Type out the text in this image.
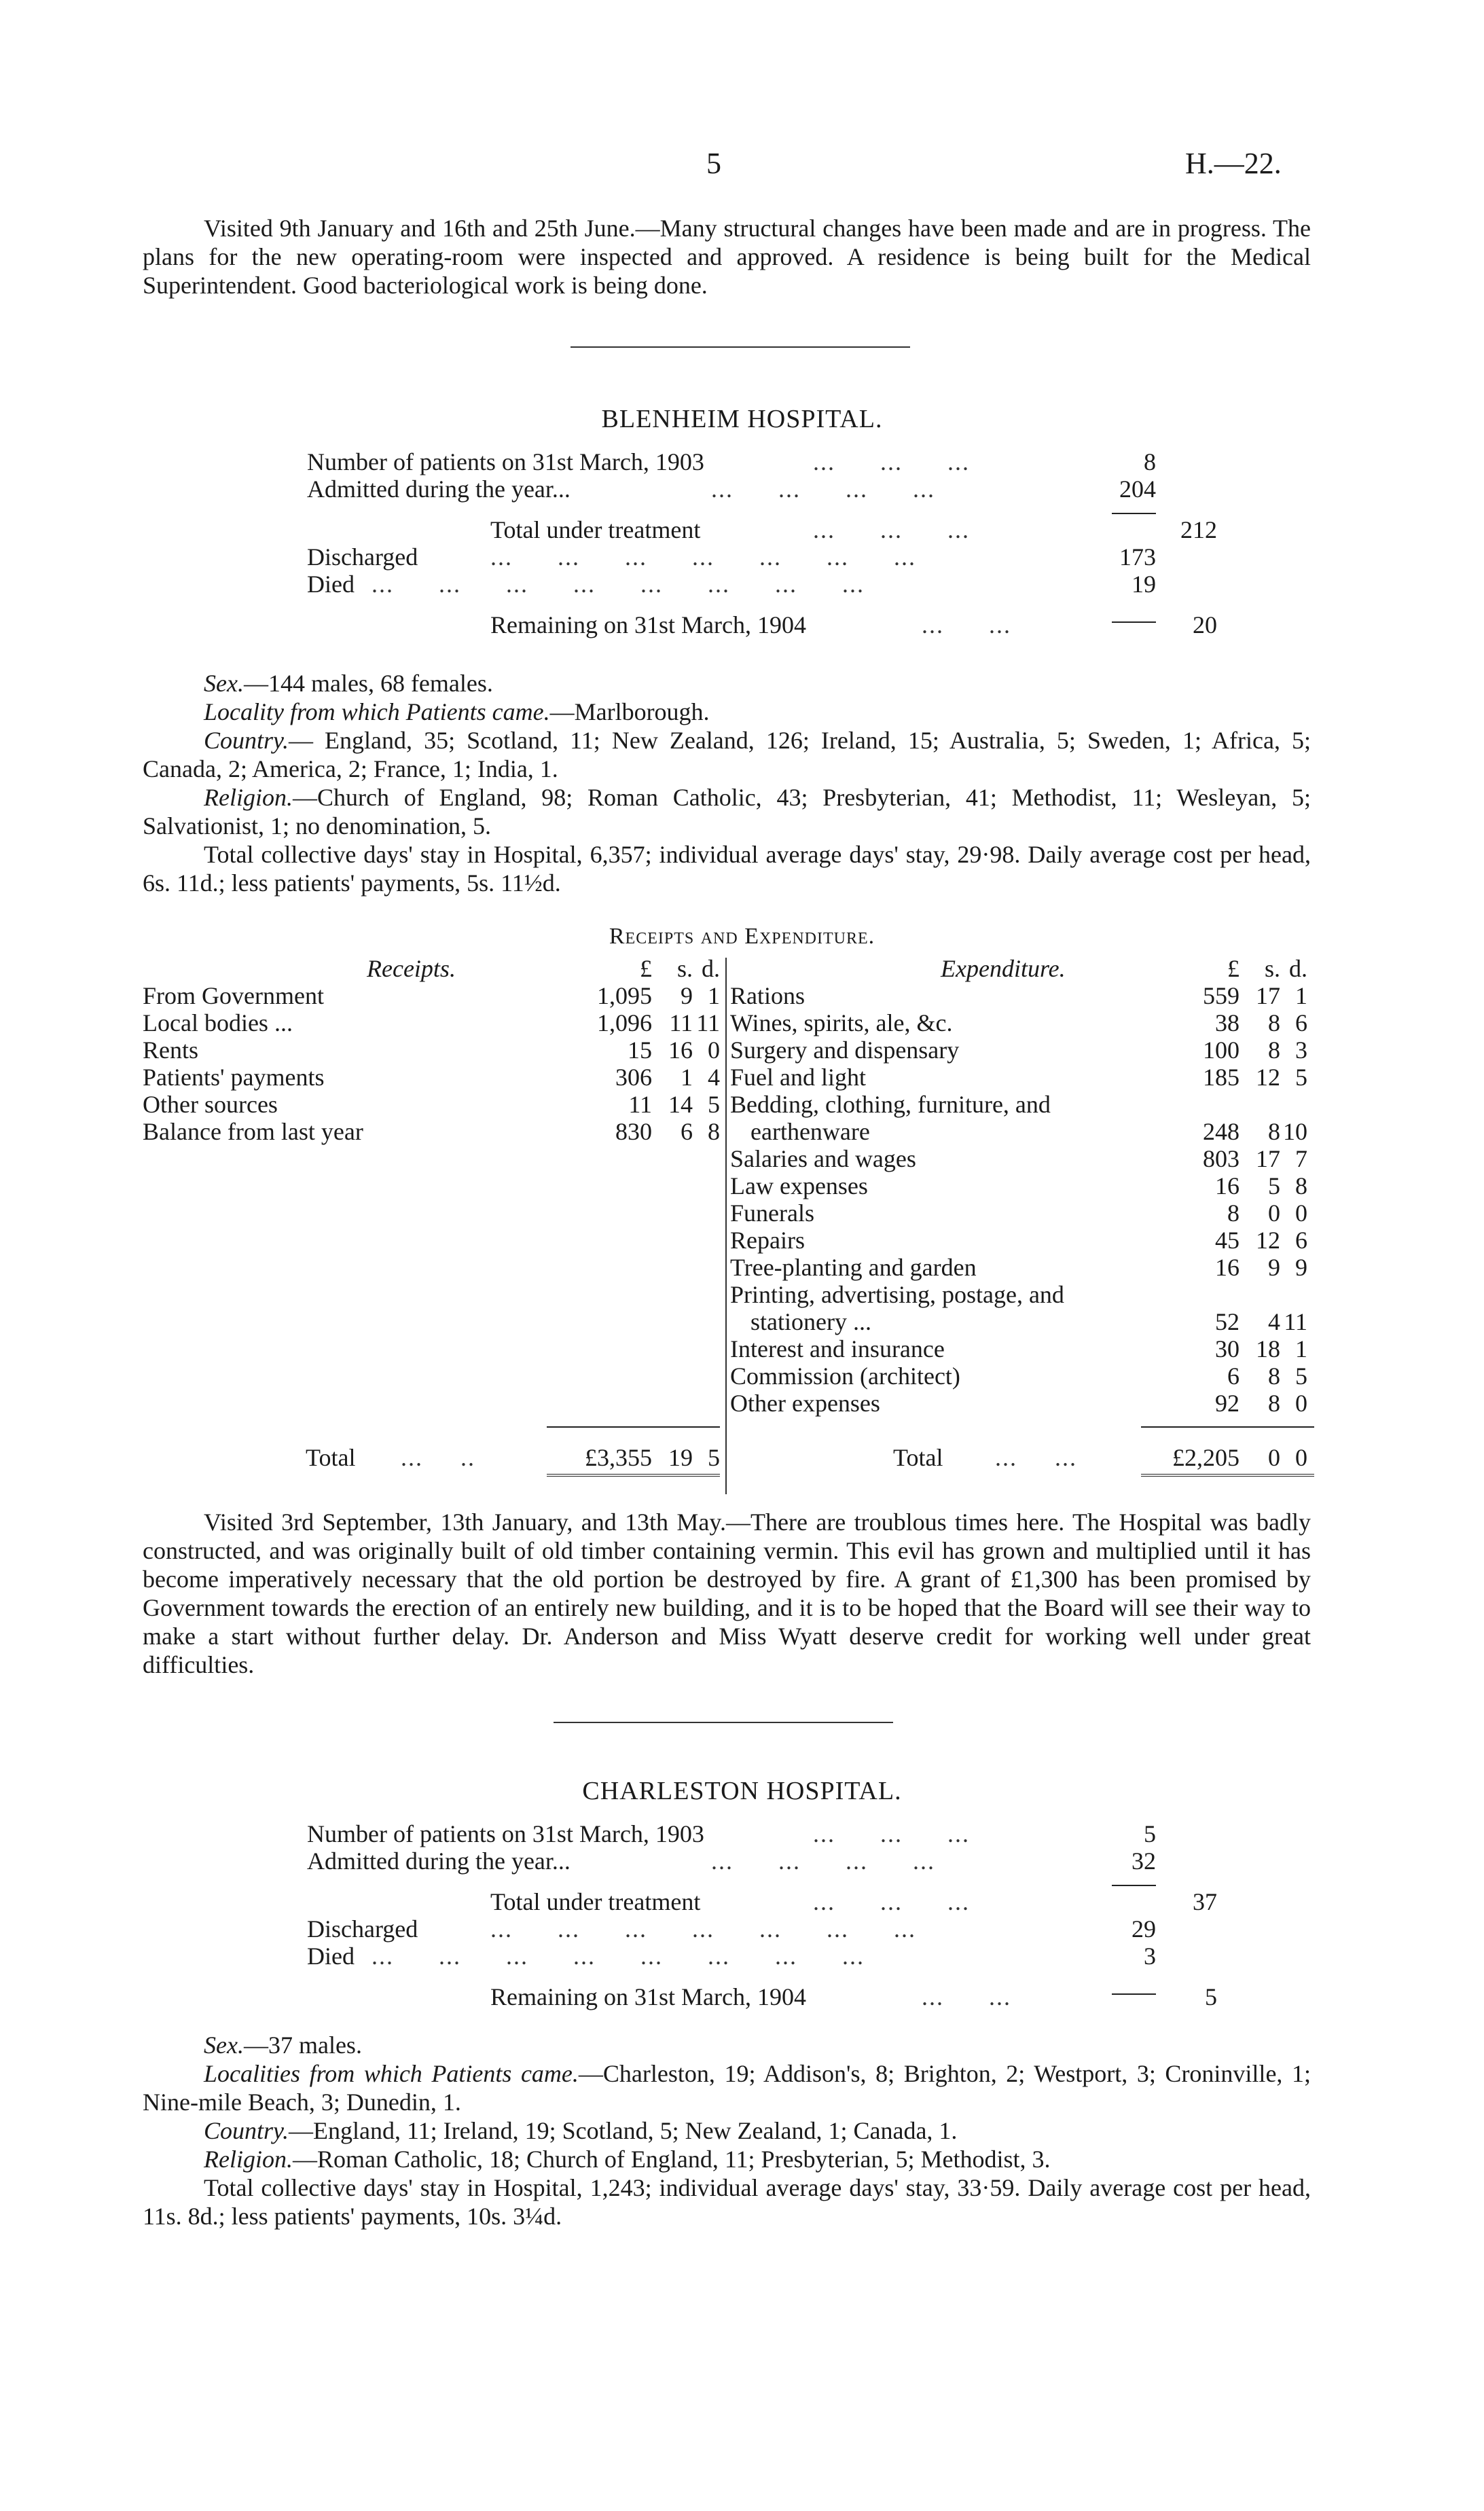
5	H.—22.

Visited 9th January and 16th and 25th June.—Many structural changes have been made and are in progress. The plans for the new operating-room were inspected and approved. A residence is being built for the Medical Superintendent. Good bacteriological work is being done.

BLENHEIM HOSPITAL.
Number of patients on 31st March, 1903	...      ...      ...	8
Admitted during the year...	...      ...      ...      ...	204
Total under treatment	...      ...      ...	212
Discharged	...      ...      ...      ...      ...      ...      ...	173
Died ...      ...      ...      ...      ...      ...      ...      ...	19
Remaining on 31st March, 1904	...      ...	20

Sex.—144 males, 68 females.

Locality from which Patients came.—Marlborough.

Country.— England, 35; Scotland, 11; New Zealand, 126; Ireland, 15; Australia, 5; Sweden, 1; Africa, 5; Canada, 2; America, 2; France, 1; India, 1.

Religion.—Church of England, 98; Roman Catholic, 43; Presbyterian, 41; Methodist, 11; Wesleyan, 5; Salvationist, 1; no denomination, 5.

Total collective days' stay in Hospital, 6,357; individual average days' stay, 29·98. Daily average cost per head, 6s. 11d.; less patients' payments, 5s. 11½d.

Receipts and Expenditure.
Receipts.	£	s. d.
From Government	1,095	9 1
Local bodies ...	1,096 11 11
Rents	15 16 0
Patients' payments	306	1 4
Other sources	11 14 5
Balance from last year	830	6 8
Expenditure.	£	s. d.
Rations	559 17 1
Wines, spirits, ale, &c.	38	8 6
Surgery and dispensary	100	8 3
Fuel and light	185 12 5
Bedding, clothing, furniture, and
earthenware	248	8 10
Salaries and wages	803 17 7
Law expenses	16	5 8
Funerals	8	0 0
Repairs	45 12 6
Tree-planting and garden	16	9 9
Printing, advertising, postage, and
stationery ...	52	4 11
Interest and insurance	30 18 1
Commission (architect)	6	8 5
Other expenses	92	8 0
Total ...     ..	£3,355 19 5	Total ...     ...	£2,205	0 0

Visited 3rd September, 13th January, and 13th May.—There are troublous times here. The Hospital was badly constructed, and was originally built of old timber containing vermin. This evil has grown and multiplied until it has become imperatively necessary that the old portion be destroyed by fire. A grant of £1,300 has been promised by Government towards the erection of an entirely new building, and it is to be hoped that the Board will see their way to make a start without further delay. Dr. Anderson and Miss Wyatt deserve credit for working well under great difficulties.

CHARLESTON HOSPITAL.
Number of patients on 31st March, 1903	...      ...      ...	5
Admitted during the year...	...      ...      ...      ...	32
Total under treatment	...      ...      ...	37
Discharged	...      ...      ...      ...      ...      ...      ...	29
Died ...      ...      ...      ...      ...      ...      ...      ...	3
Remaining on 31st March, 1904	...      ...	5

Sex.—37 males.

Localities from which Patients came.—Charleston, 19; Addison's, 8; Brighton, 2; Westport, 3; Croninville, 1; Nine-mile Beach, 3; Dunedin, 1.

Country.—England, 11; Ireland, 19; Scotland, 5; New Zealand, 1; Canada, 1.

Religion.—Roman Catholic, 18; Church of England, 11; Presbyterian, 5; Methodist, 3.

Total collective days' stay in Hospital, 1,243; individual average days' stay, 33·59. Daily average cost per head, 11s. 8d.; less patients' payments, 10s. 3¼d.
